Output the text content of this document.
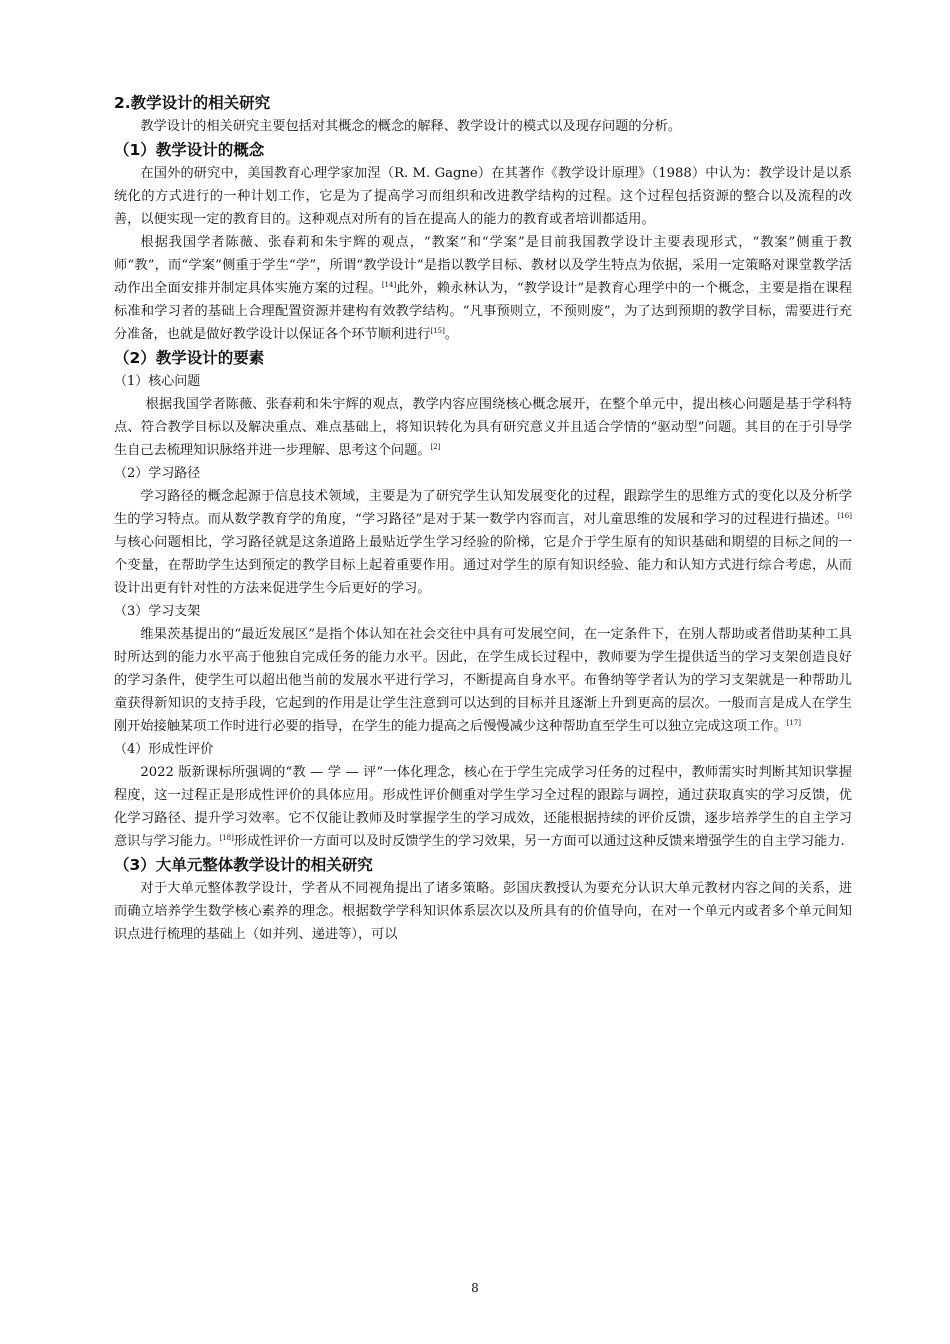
2.教学设计的相关研究

教学设计的相关研究主要包括对其概念的概念的解释、教学设计的模式以及现存问题的分析。

（1）教学设计的概念

在国外的研究中，美国教育心理学家加涅（R. M. Gagne）在其著作《教学设计原理》（1988）中认为：教学设计是以系统化的方式进行的一种计划工作，它是为了提高学习而组织和改进教学结构的过程。这个过程包括资源的整合以及流程的改善，以便实现一定的教育目的。这种观点对所有的旨在提高人的能力的教育或者培训都适用。

根据我国学者陈薇、张春莉和朱宇辉的观点，“教案”和“学案”是目前我国教学设计主要表现形式，“教案”侧重于教师“教”，而“学案”侧重于学生“学”，所谓“教学设计”是指以教学目标、教材以及学生特点为依据，采用一定策略对课堂教学活动作出全面安排并制定具体实施方案的过程。[14]此外，赖永林认为，“教学设计”是教育心理学中的一个概念，主要是指在课程标准和学习者的基础上合理配置资源并建构有效教学结构。“凡事预则立，不预则废”，为了达到预期的教学目标，需要进行充分准备，也就是做好教学设计以保证各个环节顺利进行[15]。

（2）教学设计的要素
（1）核心问题

根据我国学者陈薇、张春莉和朱宇辉的观点，教学内容应围绕核心概念展开，在整个单元中，提出核心问题是基于学科特点、符合教学目标以及解决重点、难点基础上，将知识转化为具有研究意义并且适合学情的“驱动型”问题。其目的在于引导学生自己去梳理知识脉络并进一步理解、思考这个问题。[2]

（2）学习路径

学习路径的概念起源于信息技术领域，主要是为了研究学生认知发展变化的过程，跟踪学生的思维方式的变化以及分析学生的学习特点。而从数学教育学的角度，“学习路径”是对于某一数学内容而言，对儿童思维的发展和学习的过程进行描述。[16]与核心问题相比，学习路径就是这条道路上最贴近学生学习经验的阶梯，它是介于学生原有的知识基础和期望的目标之间的一个变量，在帮助学生达到预定的教学目标上起着重要作用。通过对学生的原有知识经验、能力和认知方式进行综合考虑，从而设计出更有针对性的方法来促进学生今后更好的学习。

（3）学习支架

维果茨基提出的“最近发展区”是指个体认知在社会交往中具有可发展空间，在一定条件下，在别人帮助或者借助某种工具时所达到的能力水平高于他独自完成任务的能力水平。因此，在学生成长过程中，教师要为学生提供适当的学习支架创造良好的学习条件，使学生可以超出他当前的发展水平进行学习，不断提高自身水平。布鲁纳等学者认为的学习支架就是一种帮助儿童获得新知识的支持手段，它起到的作用是让学生注意到可以达到的目标并且逐渐上升到更高的层次。一般而言是成人在学生刚开始接触某项工作时进行必要的指导，在学生的能力提高之后慢慢减少这种帮助直至学生可以独立完成这项工作。[17]

（4）形成性评价

2022 版新课标所强调的“教 — 学 — 评”一体化理念，核心在于学生完成学习任务的过程中，教师需实时判断其知识掌握程度，这一过程正是形成性评价的具体应用。形成性评价侧重对学生学习全过程的跟踪与调控，通过获取真实的学习反馈，优化学习路径、提升学习效率。它不仅能让教师及时掌握学生的学习成效，还能根据持续的评价反馈，逐步培养学生的自主学习意识与学习能力。[18]形成性评价一方面可以及时反馈学生的学习效果，另一方面可以通过这种反馈来增强学生的自主学习能力.

（3）大单元整体教学设计的相关研究

对于大单元整体教学设计，学者从不同视角提出了诸多策略。彭国庆教授认为要充分认识大单元教材内容之间的关系，进而确立培养学生数学核心素养的理念。根据数学学科知识体系层次以及所具有的价值导向，在对一个单元内或者多个单元间知识点进行梳理的基础上（如并列、递进等），可以

8
